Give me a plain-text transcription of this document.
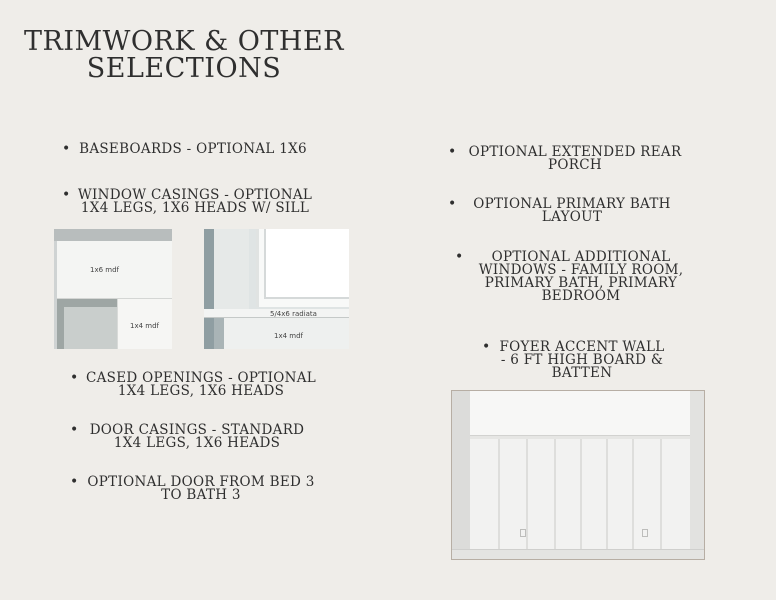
TRIMWORK & OTHER
SELECTIONS
• BASEBOARDS - OPTIONAL 1X6
• WINDOW CASINGS - OPTIONAL
1X4 LEGS, 1X6 HEADS W/ SILL
1x6 mdf
1x4 mdf
5/4x6 radiata
1x4 mdf
• CASED OPENINGS - OPTIONAL
1X4 LEGS, 1X6 HEADS
• DOOR CASINGS - STANDARD
1X4 LEGS, 1X6 HEADS
• OPTIONAL DOOR FROM BED 3
TO BATH 3
• OPTIONAL EXTENDED REAR
PORCH
•	OPTIONAL PRIMARY BATH
LAYOUT
•	OPTIONAL ADDITIONAL
WINDOWS - FAMILY ROOM,
PRIMARY BATH, PRIMARY
BEDROOM
• FOYER ACCENT WALL
- 6 FT HIGH BOARD &
BATTEN
